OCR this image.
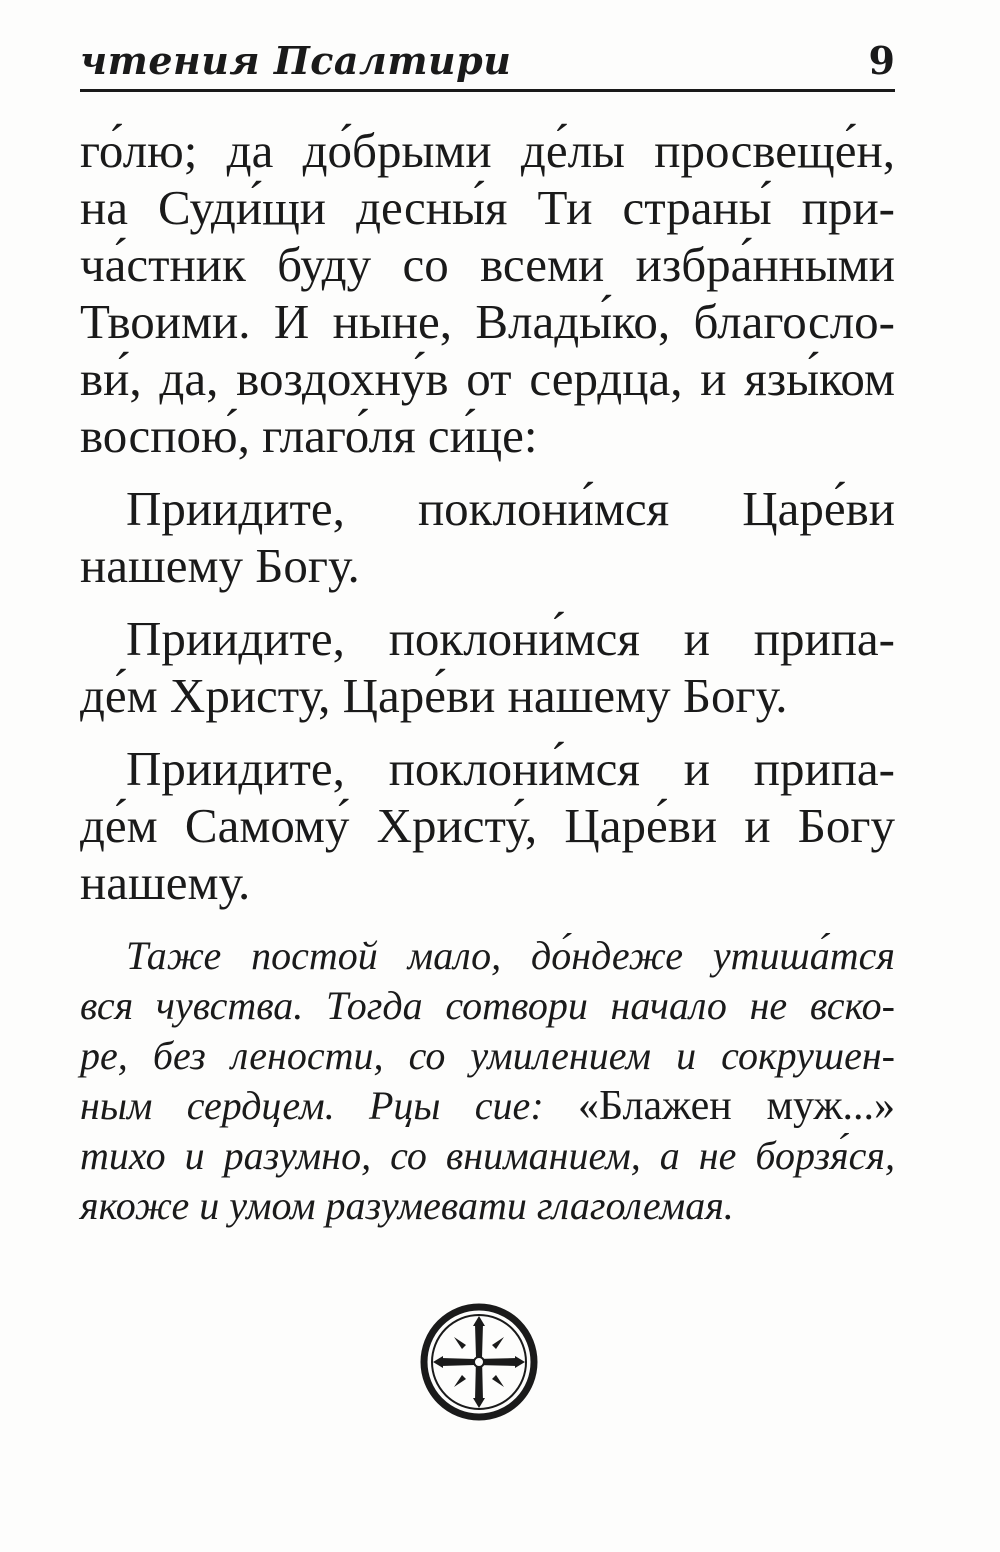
чтения Псалтири	9
го́лю; да до́брыми де́лы просвеще́н,
на Суди́щи десны́я Ти страны́ при-
ча́стник буду со всеми избра́нными
Твоими. И ныне, Влады́ко, благосло-
ви́, да, воздохну́в от сердца, и язы́ком
воспою́, глаго́ля си́це:
Приидите, поклони́мся Царе́ви
нашему Богу.
Приидите, поклони́мся и припа-
де́м Христу, Царе́ви нашему Богу.
Приидите, поклони́мся и припа-
де́м Самому́ Христу́, Царе́ви и Богу
нашему.
Таже постой мало, до́ндеже утиша́тся
вся чувства. Тогда сотвори начало не вско-
ре, без лености, со умилением и сокрушен-
ным сердцем. Рцы сие: «Блажен муж...»
тихо и разумно, со вниманием, а не борзя́ся,
якоже и умом разумевати глаголемая.
